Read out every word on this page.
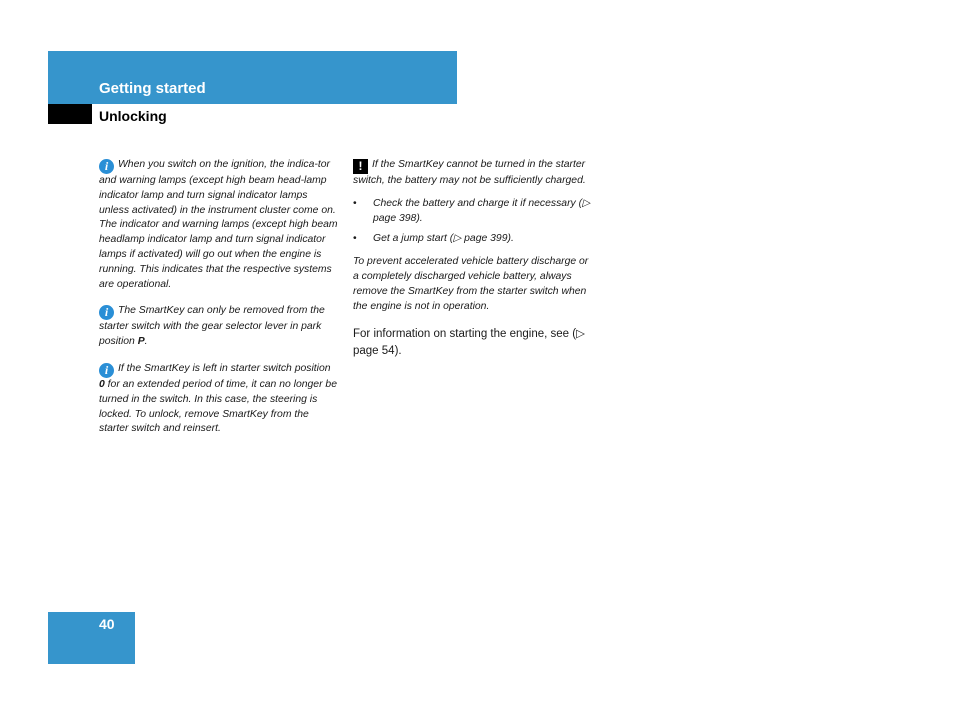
Getting started
Unlocking

i When you switch on the ignition, the indica-tor and warning lamps (except high beam head-lamp indicator lamp and turn signal indicator lamps unless activated) in the instrument cluster come on. The indicator and warning lamps (except high beam headlamp indicator lamp and turn signal indicator lamps if activated) will go out when the engine is running. This indicates that the respective systems are operational.

i The SmartKey can only be removed from the starter switch with the gear selector lever in park position P.

i If the SmartKey is left in starter switch position 0 for an extended period of time, it can no longer be turned in the switch. In this case, the steering is locked. To unlock, remove SmartKey from the starter switch and reinsert.

! If the SmartKey cannot be turned in the starter switch, the battery may not be sufficiently charged.

•	Check the battery and charge it if necessary (▷ page 398).
•	Get a jump start (▷ page 399).

To prevent accelerated vehicle battery discharge or a completely discharged vehicle battery, always remove the SmartKey from the starter switch when the engine is not in operation.

For information on starting the engine, see (▷ page 54).

40
